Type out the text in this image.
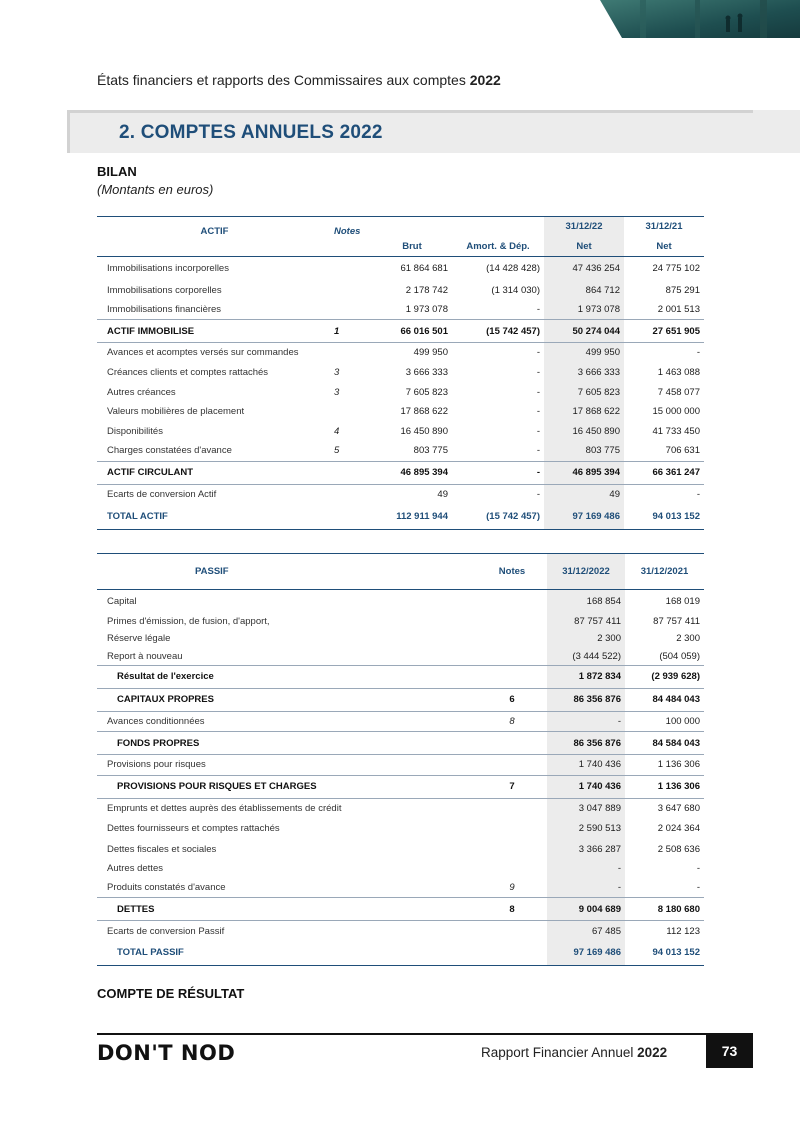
États financiers et rapports des Commissaires aux comptes 2022
2. COMPTES ANNUELS 2022
BILAN
(Montants en euros)
ACTIF	Notes			31/12/22	31/12/21
		Brut	Amort. & Dép.	Net	Net
Immobilisations incorporelles		61 864 681	(14 428 428)	47 436 254	24 775 102
Immobilisations corporelles		2 178 742	(1 314 030)	864 712	875 291
Immobilisations financières		1 973 078	-	1 973 078	2 001 513
ACTIF IMMOBILISE	1	66 016 501	(15 742 457)	50 274 044	27 651 905
Avances et acomptes versés sur commandes		499 950	-	499 950	-
Créances clients et comptes rattachés	3	3 666 333	-	3 666 333	1 463 088
Autres créances	3	7 605 823	-	7 605 823	7 458 077
Valeurs mobilières de placement		17 868 622	-	17 868 622	15 000 000
Disponibilités	4	16 450 890	-	16 450 890	41 733 450
Charges constatées d'avance	5	803 775	-	803 775	706 631
ACTIF CIRCULANT		46 895 394	-	46 895 394	66 361 247
Ecarts de conversion Actif		49	-	49	-
TOTAL ACTIF		112 911 944	(15 742 457)	97 169 486	94 013 152
PASSIF	Notes	31/12/2022	31/12/2021
Capital		168 854	168 019
Primes d'émission, de fusion, d'apport,		87 757 411	87 757 411
Réserve légale		2 300	2 300
Report à nouveau		(3 444 522)	(504 059)
Résultat de l'exercice		1 872 834	(2 939 628)
CAPITAUX PROPRES	6	86 356 876	84 484 043
Avances conditionnées	8	-	100 000
FONDS PROPRES		86 356 876	84 584 043
Provisions pour risques		1 740 436	1 136 306
PROVISIONS POUR RISQUES ET CHARGES	7	1 740 436	1 136 306
Emprunts et dettes auprès des établissements de crédit		3 047 889	3 647 680
Dettes fournisseurs et comptes rattachés		2 590 513	2 024 364
Dettes fiscales et sociales		3 366 287	2 508 636
Autres dettes		-	-
Produits constatés d'avance	9	-	-
DETTES	8	9 004 689	8 180 680
Ecarts de conversion Passif		67 485	112 123
TOTAL PASSIF		97 169 486	94 013 152
COMPTE DE RÉSULTAT
DON'T NOD	Rapport Financier Annuel 2022	73
